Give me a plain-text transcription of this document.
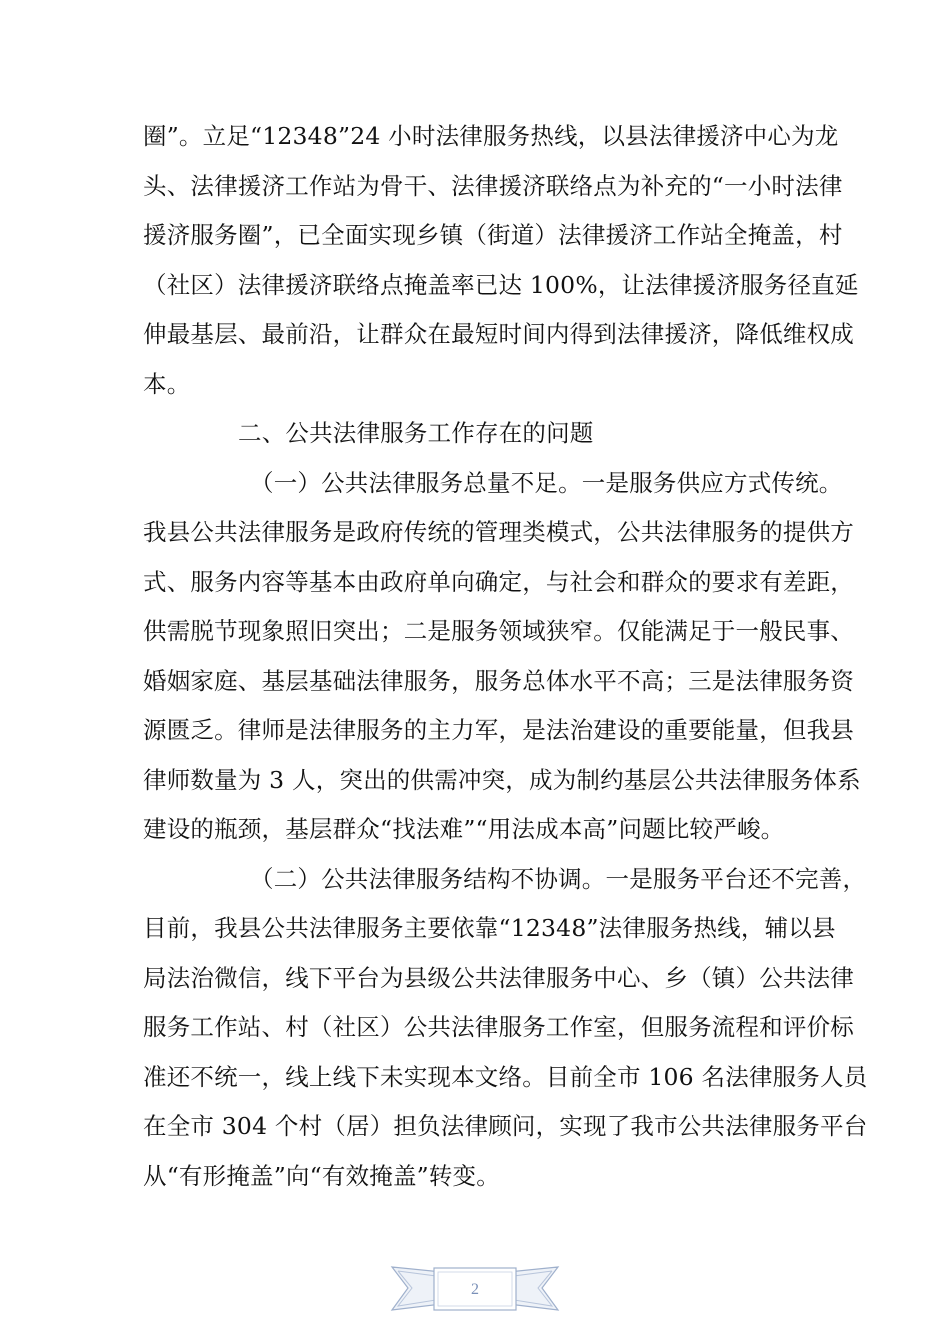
圈”。立足“12348”24 小时法律服务热线，以县法律援济中心为龙
头、法律援济工作站为骨干、法律援济联络点为补充的“一小时法律
援济服务圈”，已全面实现乡镇（街道）法律援济工作站全掩盖，村
（社区）法律援济联络点掩盖率已达 100%，让法律援济服务径直延
伸最基层、最前沿，让群众在最短时间内得到法律援济，降低维权成
本。
二、公共法律服务工作存在的问题
（一）公共法律服务总量不足。一是服务供应方式传统。
我县公共法律服务是政府传统的管理类模式，公共法律服务的提供方
式、服务内容等基本由政府单向确定，与社会和群众的要求有差距，
供需脱节现象照旧突出；二是服务领域狭窄。仅能满足于一般民事、
婚姻家庭、基层基础法律服务，服务总体水平不高；三是法律服务资
源匮乏。律师是法律服务的主力军，是法治建设的重要能量，但我县
律师数量为 3 人，突出的供需冲突，成为制约基层公共法律服务体系
建设的瓶颈，基层群众“找法难”“用法成本高”问题比较严峻。
（二）公共法律服务结构不协调。一是服务平台还不完善，
目前，我县公共法律服务主要依靠“12348”法律服务热线，辅以县
局法治微信，线下平台为县级公共法律服务中心、乡（镇）公共法律
服务工作站、村（社区）公共法律服务工作室，但服务流程和评价标
准还不统一，线上线下未实现本文络。目前全市 106 名法律服务人员
在全市 304 个村（居）担负法律顾问，实现了我市公共法律服务平台
从“有形掩盖”向“有效掩盖”转变。
2
